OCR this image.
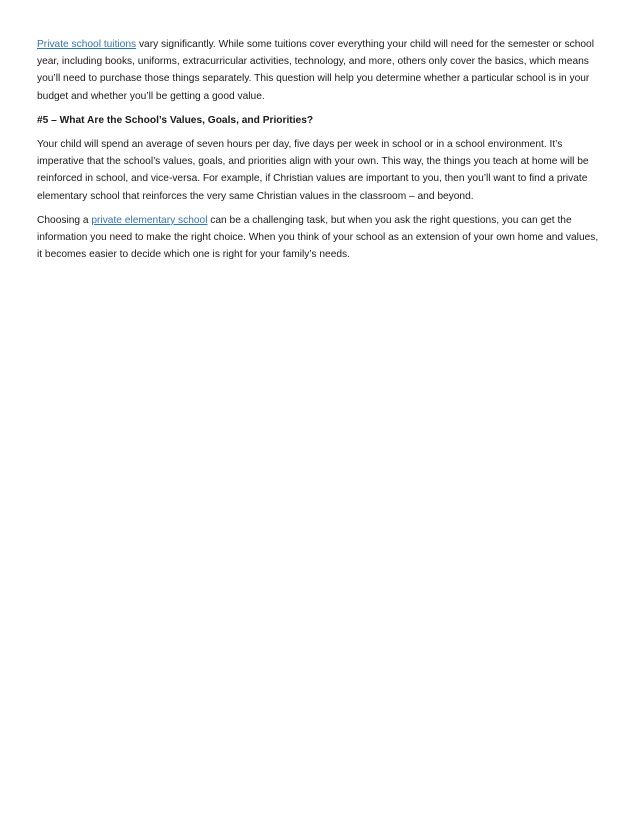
Private school tuitions vary significantly. While some tuitions cover everything your child will need for the semester or school year, including books, uniforms, extracurricular activities, technology, and more, others only cover the basics, which means you’ll need to purchase those things separately. This question will help you determine whether a particular school is in your budget and whether you’ll be getting a good value.

#5 – What Are the School’s Values, Goals, and Priorities?

Your child will spend an average of seven hours per day, five days per week in school or in a school environment. It’s imperative that the school’s values, goals, and priorities align with your own. This way, the things you teach at home will be reinforced in school, and vice-versa. For example, if Christian values are important to you, then you’ll want to find a private elementary school that reinforces the very same Christian values in the classroom – and beyond.

Choosing a private elementary school can be a challenging task, but when you ask the right questions, you can get the information you need to make the right choice. When you think of your school as an extension of your own home and values, it becomes easier to decide which one is right for your family’s needs.
